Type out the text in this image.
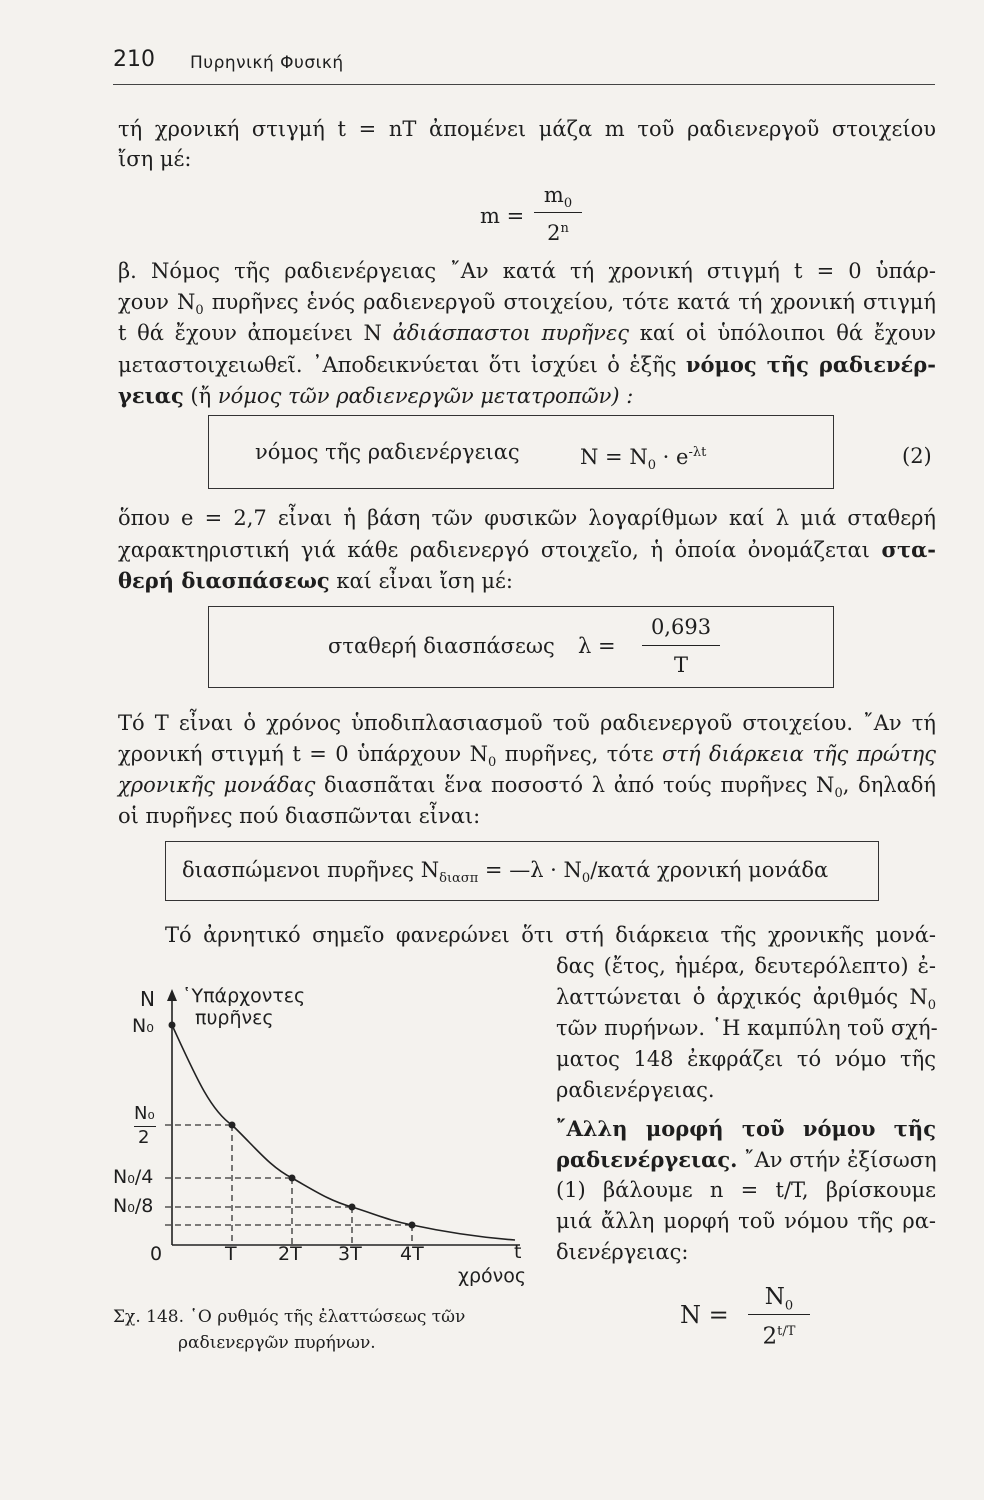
210 Πυρηνική Φυσική
τή χρονική στιγμή t = nT ἀπομένει μάζα m τοῦ ραδιενεργοῦ στοιχείου
ἴση μέ:
m =
$m_0$
2$^n$
β. Νόμος τῆς ραδιενέργειας ῎Αν κατά τή χρονική στιγμή t = 0 ὑπάρ-
χουν $N_0$ πυρῆνες ἑνός ραδιενεργοῦ στοιχείου, τότε κατά τή χρονική στιγμή
t θά ἔχουν ἀπομείνει N ἀδιάσπαστοι πυρῆνες καί οἱ ὑπόλοιποι θά ἔχουν
μεταστοιχειωθεῖ. ᾿Αποδεικνύεται ὅτι ἰσχύει ὁ ἑξῆς νόμος τῆς ραδιενέρ-
γειας (ἤ νόμος τῶν ραδιενεργῶν μετατροπῶν) :
νόμος τῆς ραδιενέργειας	$N = N_0 \cdot e^{-\lambda t}$	(2)
ὅπου e = 2,7 εἶναι ἡ βάση τῶν φυσικῶν λογαρίθμων καί λ μιά σταθερή
χαρακτηριστική γιά κάθε ραδιενεργό στοιχεῖο, ἡ ὁποία ὀνομάζεται στα-
θερή διασπάσεως καί εἶναι ἴση μέ:
σταθερή διασπάσεως λ =
0,693
T
Τό T εἶναι ὁ χρόνος ὑποδιπλασιασμοῦ τοῦ ραδιενεργοῦ στοιχείου. ῎Αν τή
χρονική στιγμή t = 0 ὑπάρχουν $N_0$ πυρῆνες, τότε στή διάρκεια τῆς πρώτης
χρονικῆς μονάδας διασπᾶται ἕνα ποσοστό λ ἀπό τούς πυρῆνες $N_0$, δηλαδή
οἱ πυρῆνες πού διασπῶνται εἶναι:
διασπώμενοι πυρῆνες $N_{\delta\iota\alpha\sigma\pi}$ = —λ · $N_0$/κατά χρονική μονάδα
Τό ἀρνητικό σημεῖο φανερώνει ὅτι στή διάρκεια τῆς χρονικῆς μονά-
δας (ἔτος, ἡμέρα, δευτερόλεπτο) ἐ-
λαττώνεται ὁ ἀρχικός ἀριθμός $N_0$
τῶν πυρήνων. ῾Η καμπύλη τοῦ σχή-
ματος 148 ἐκφράζει τό νόμο τῆς
ραδιενέργειας.
῎Αλλη μορφή τοῦ νόμου τῆς
ραδιενέργειας. ῎Αν στήν ἐξίσωση
(1) βάλουμε n = t/T, βρίσκουμε
μιά ἄλλη μορφή τοῦ νόμου τῆς ρα-
διενέργειας:
N =
$N_0$
$2^{t/T}$
N ῾Υπάρχοντες
πυρῆνες
N₀
N₀
2
N₀/4
N₀/8
0	T 2T 3T 4T	t
χρόνος
Σχ. 148. ῾Ο ρυθμός τῆς ἐλαττώσεως τῶν
ραδιενεργῶν πυρήνων.
